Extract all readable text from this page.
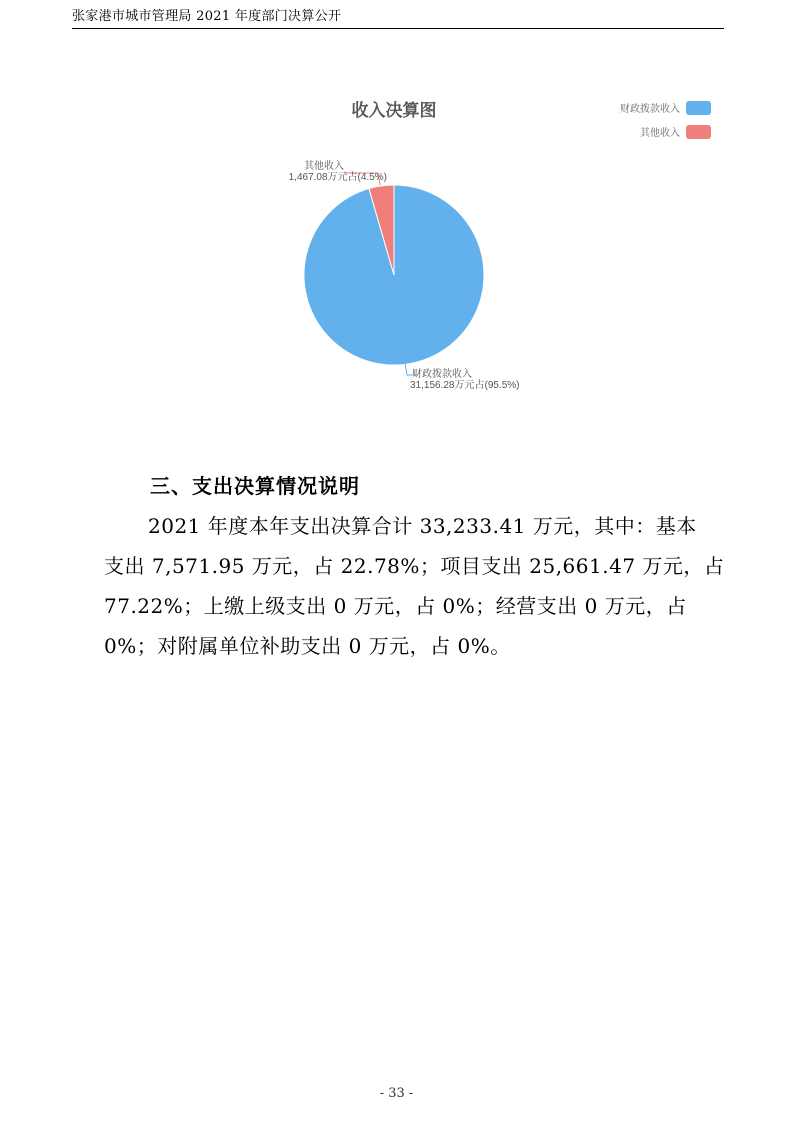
张家港市城市管理局 2021 年度部门决算公开
收入决算图	财政拨款收入
其他收入
其他收入
1,467.08万元占(4.5%)
财政拨款收入
31,156.28万元占(95.5%)
三、支出决算情况说明

2021 年度本年支出决算合计 33,233.41 万元，其中：基本
支出 7,571.95 万元，占 22.78%；项目支出 25,661.47 万元，占
77.22%；上缴上级支出 0 万元，占 0%；经营支出 0 万元，占
0%；对附属单位补助支出 0 万元，占 0%。

- 33 -
